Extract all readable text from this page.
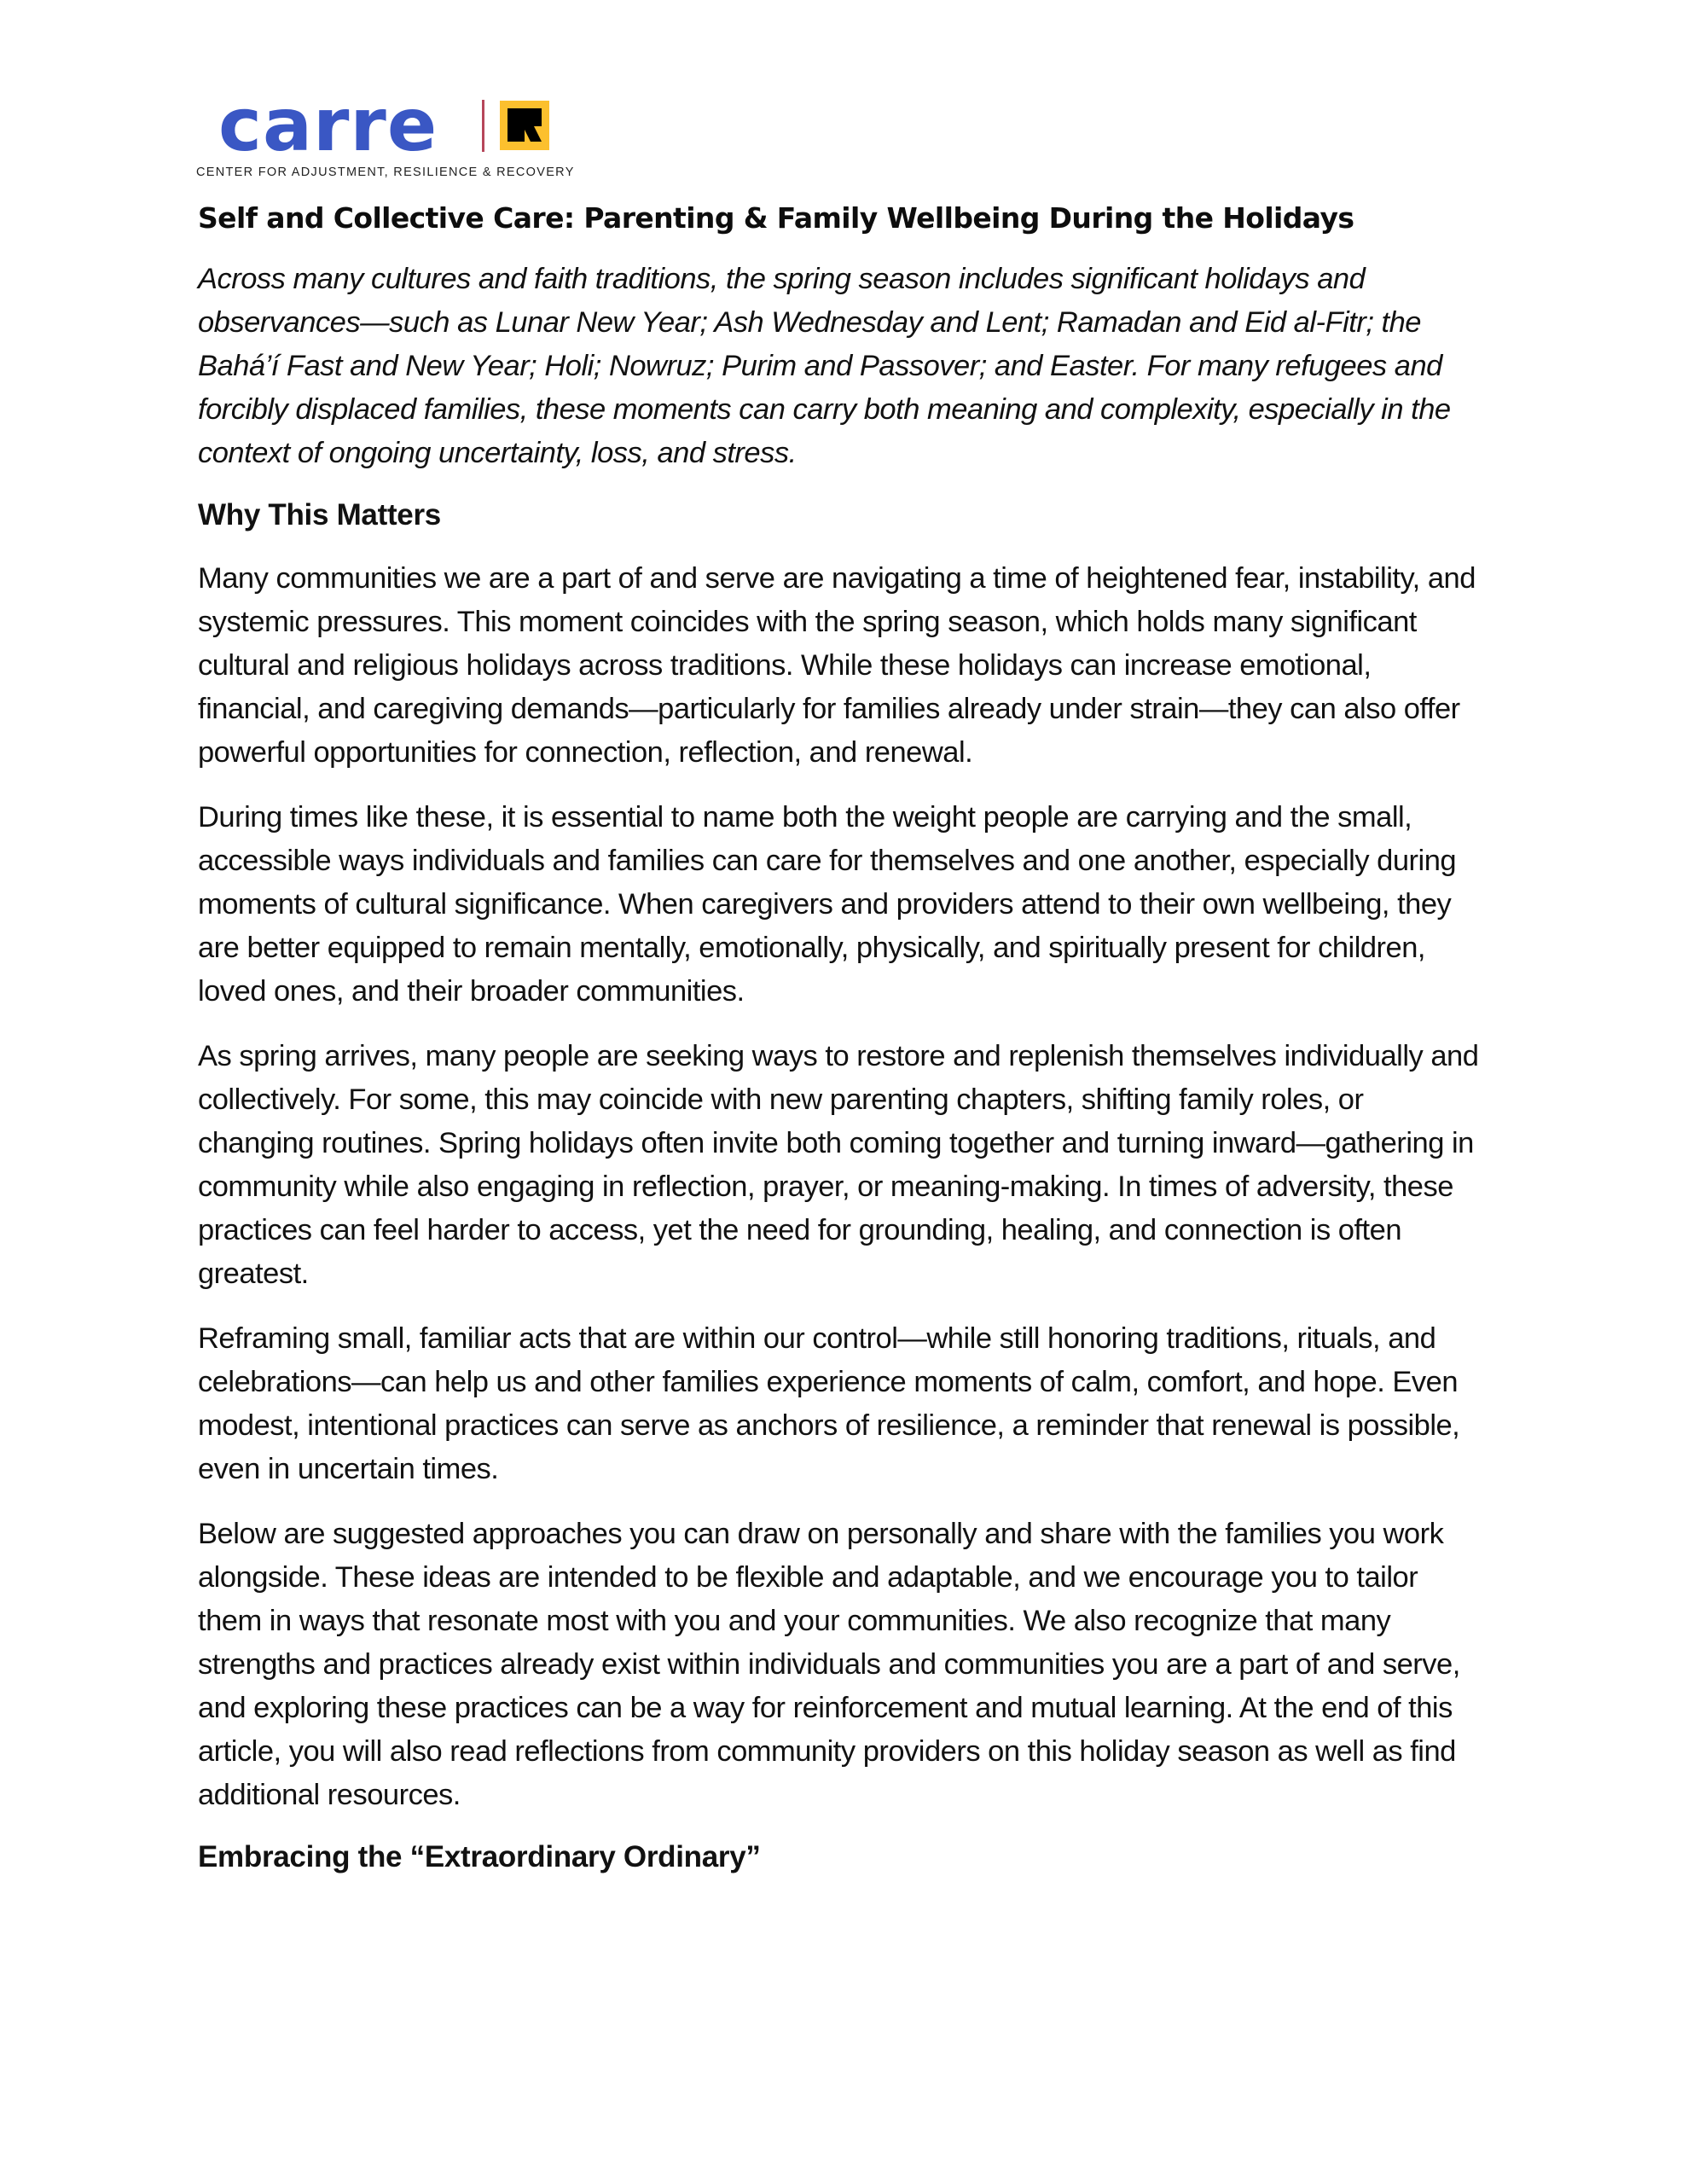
carre
CENTER FOR ADJUSTMENT, RESILIENCE & RECOVERY
Self and Collective Care: Parenting & Family Wellbeing During the Holidays

Across many cultures and faith traditions, the spring season includes significant holidays and observances—such as Lunar New Year; Ash Wednesday and Lent; Ramadan and Eid al-Fitr; the Bahá’í Fast and New Year; Holi; Nowruz; Purim and Passover; and Easter. For many refugees and forcibly displaced families, these moments can carry both meaning and complexity, especially in the context of ongoing uncertainty, loss, and stress.

Why This Matters

Many communities we are a part of and serve are navigating a time of heightened fear, instability, and systemic pressures. This moment coincides with the spring season, which holds many significant cultural and religious holidays across traditions. While these holidays can increase emotional, financial, and caregiving demands—particularly for families already under strain—they can also offer powerful opportunities for connection, reflection, and renewal.

During times like these, it is essential to name both the weight people are carrying and the small, accessible ways individuals and families can care for themselves and one another, especially during moments of cultural significance. When caregivers and providers attend to their own wellbeing, they are better equipped to remain mentally, emotionally, physically, and spiritually present for children, loved ones, and their broader communities.

As spring arrives, many people are seeking ways to restore and replenish themselves individually and collectively. For some, this may coincide with new parenting chapters, shifting family roles, or changing routines. Spring holidays often invite both coming together and turning inward—gathering in community while also engaging in reflection, prayer, or meaning-making. In times of adversity, these practices can feel harder to access, yet the need for grounding, healing, and connection is often greatest.

Reframing small, familiar acts that are within our control—while still honoring traditions, rituals, and celebrations—can help us and other families experience moments of calm, comfort, and hope. Even modest, intentional practices can serve as anchors of resilience, a reminder that renewal is possible, even in uncertain times.

Below are suggested approaches you can draw on personally and share with the families you work alongside. These ideas are intended to be flexible and adaptable, and we encourage you to tailor them in ways that resonate most with you and your communities. We also recognize that many strengths and practices already exist within individuals and communities you are a part of and serve, and exploring these practices can be a way for reinforcement and mutual learning. At the end of this article, you will also read reflections from community providers on this holiday season as well as find additional resources.

Embracing the “Extraordinary Ordinary”
